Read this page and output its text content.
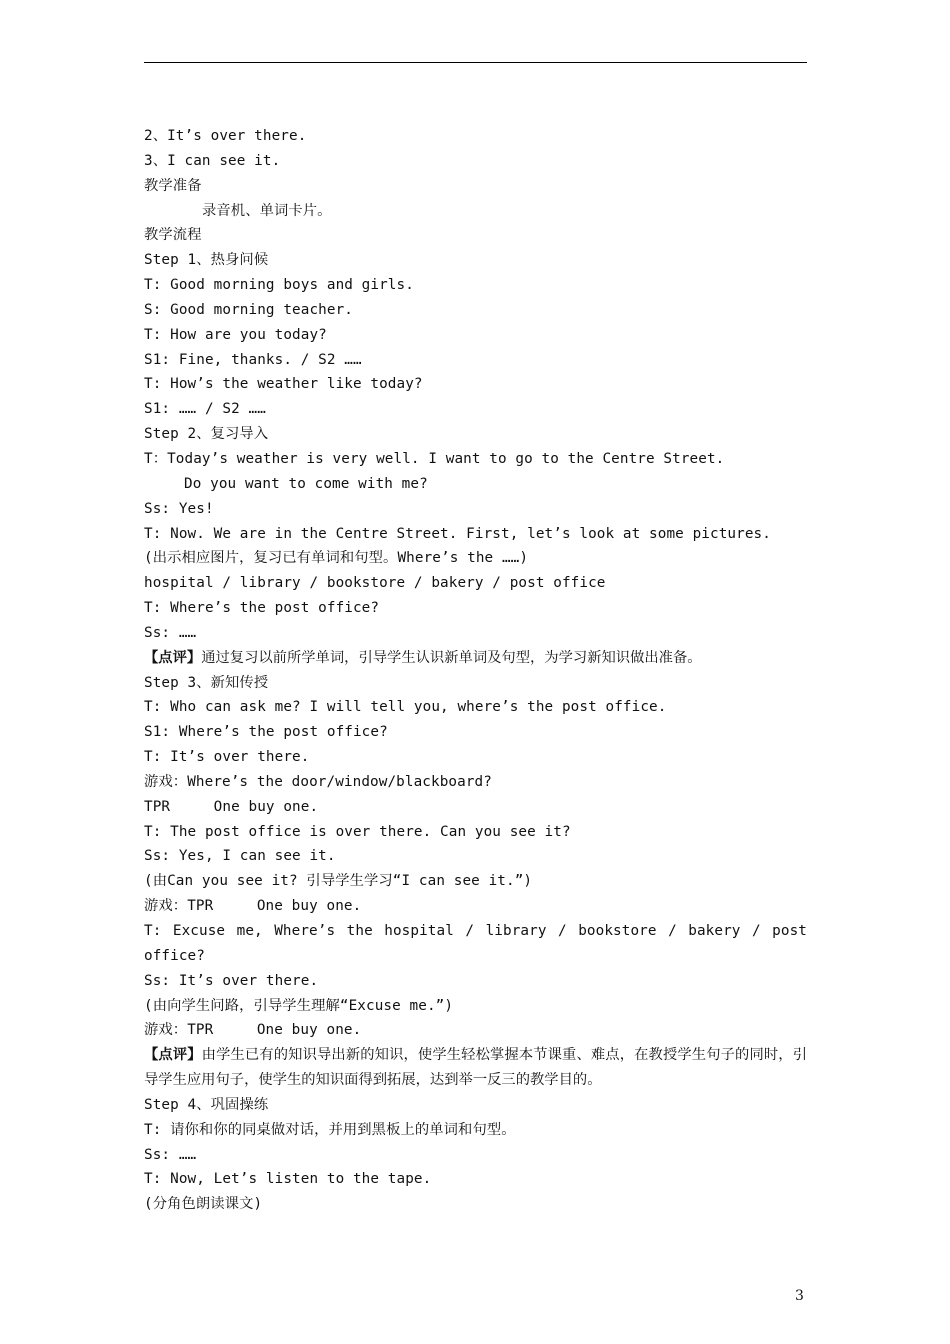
2、It’s over there.
3、I can see it.
教学准备
录音机、单词卡片。
教学流程
Step 1、热身问候
T: Good morning boys and girls.
S: Good morning teacher.
T: How are you today?
S1: Fine, thanks. / S2 ……
T: How’s the weather like today?
S1: …… / S2 ……
Step 2、复习导入
T：Today’s weather is very well. I want to go to the Centre Street.
Do you want to come with me?
Ss: Yes!
T: Now. We are in the Centre Street. First, let’s look at some pictures.
(出示相应图片，复习已有单词和句型。Where’s the ……)
hospital / library / bookstore / bakery / post office
T: Where’s the post office?
Ss: ……
【点评】通过复习以前所学单词，引导学生认识新单词及句型，为学习新知识做出准备。
Step 3、新知传授
T: Who can ask me? I will tell you, where’s the post office.
S1: Where’s the post office?
T: It’s over there.
游戏：Where’s the door/window/blackboard?
TPR     One buy one.
T: The post office is over there. Can you see it?
Ss: Yes, I can see it.
(由Can you see it? 引导学生学习“I can see it.”)
游戏：TPR     One buy one.
T: Excuse me, Where’s the hospital / library / bookstore / bakery / post
office?
Ss: It’s over there.
(由向学生问路，引导学生理解“Excuse me.”)
游戏：TPR     One buy one.
【点评】由学生已有的知识导出新的知识，使学生轻松掌握本节课重、难点，在教授学生句子的同时，引导学生应用句子，使学生的知识面得到拓展，达到举一反三的教学目的。
Step 4、巩固操练
T: 请你和你的同桌做对话，并用到黑板上的单词和句型。
Ss: ……
T: Now, Let’s listen to the tape.
(分角色朗读课文)
3
